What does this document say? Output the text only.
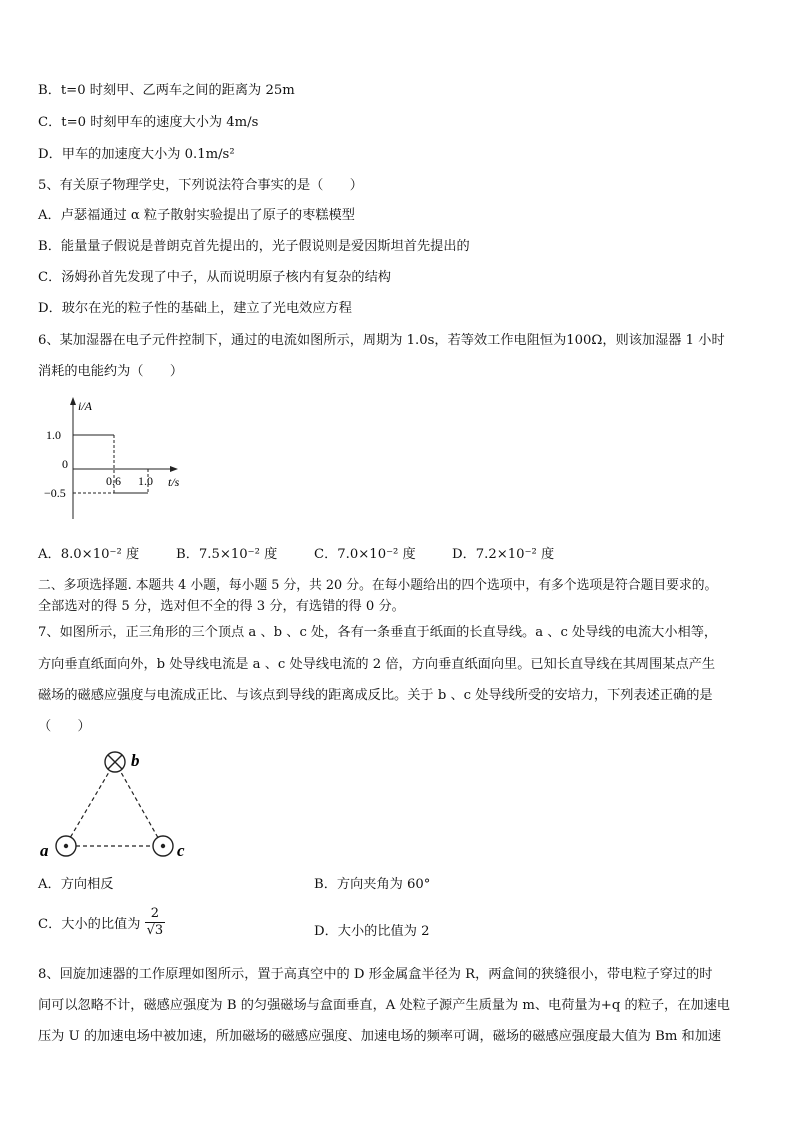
B．t=0 时刻甲、乙两车之间的距离为 25m

C．t=0 时刻甲车的速度大小为 4m/s

D．甲车的加速度大小为 0.1m/s²

5、有关原子物理学史，下列说法符合事实的是（　　）

A．卢瑟福通过 α 粒子散射实验提出了原子的枣糕模型

B．能量量子假说是普朗克首先提出的，光子假说则是爱因斯坦首先提出的

C．汤姆孙首先发现了中子，从而说明原子核内有复杂的结构

D．玻尔在光的粒子性的基础上，建立了光电效应方程

6、某加湿器在电子元件控制下，通过的电流如图所示，周期为 1.0s，若等效工作电阻恒为100Ω，则该加湿器 1 小时

消耗的电能约为（　　）

i/A
t/s
1.0
0
−0.5
0.6 1.0
A．8.0×10⁻² 度	B．7.5×10⁻² 度	C．7.0×10⁻² 度	D．7.2×10⁻² 度

二、多项选择题. 本题共 4 小题，每小题 5 分，共 20 分。在每小题给出的四个选项中，有多个选项是符合题目要求的。

全部选对的得 5 分，选对但不全的得 3 分，有选错的得 0 分。

7、如图所示，正三角形的三个顶点 a 、b 、c 处，各有一条垂直于纸面的长直导线。a 、c 处导线的电流大小相等，

方向垂直纸面向外，b 处导线电流是 a 、c 处导线电流的 2 倍，方向垂直纸面向里。已知长直导线在其周围某点产生

磁场的磁感应强度与电流成正比、与该点到导线的距离成反比。关于 b 、c 处导线所受的安培力，下列表述正确的是

（　　）

b
a	c
A．方向相反	B．方向夹角为 60°
C．大小的比值为 $\frac{2}{√3}$	D．大小的比值为 2

8、回旋加速器的工作原理如图所示，置于高真空中的 D 形金属盒半径为 R，两盒间的狭缝很小，带电粒子穿过的时

间可以忽略不计，磁感应强度为 B 的匀强磁场与盒面垂直，A 处粒子源产生质量为 m、电荷量为+q 的粒子，在加速电

压为 U 的加速电场中被加速，所加磁场的磁感应强度、加速电场的频率可调，磁场的磁感应强度最大值为 Bm 和加速
